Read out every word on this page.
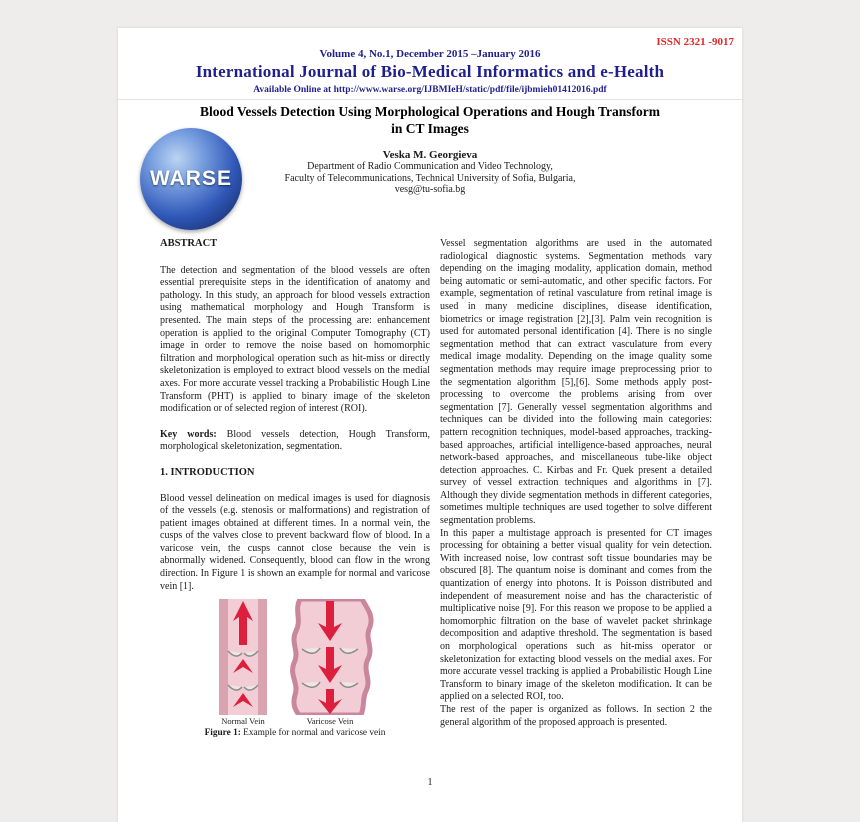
ISSN 2321 -9017
Volume 4, No.1, December 2015 –January 2016
International Journal of Bio-Medical Informatics and e-Health
Available Online at http://www.warse.org/IJBMIeH/static/pdf/file/ijbmieh01412016.pdf
Blood Vessels Detection Using Morphological Operations and Hough Transform
in CT Images
WARSE
Veska M. Georgieva
Department of Radio Communication and Video Technology,
Faculty of Telecommunications, Technical University of Sofia, Bulgaria,
vesg@tu-sofia.bg
ABSTRACT

The detection and segmentation of the blood vessels are often essential prerequisite steps in the identification of anatomy and pathology. In this study, an approach for blood vessels extraction using mathematical morphology and Hough Transform is presented. The main steps of the processing are: enhancement operation is applied to the original Computer Tomography (CT) image in order to remove the noise based on homomorphic filtration and morphological operation such as hit-miss or directly skeletonization is employed to extract blood vessels on the medial axes. For more accurate vessel tracking a Probabilistic Hough Line Transform (PHT) is applied to binary image of the skeleton modification or of selected region of interest (ROI).

Key words: Blood vessels detection, Hough Transform, morphological skeletonization, segmentation.

1. INTRODUCTION

Blood vessel delineation on medical images is used for diagnosis of the vessels (e.g. stenosis or malformations) and registration of patient images obtained at different times. In a normal vein, the cusps of the valves close to prevent backward flow of blood. In a varicose vein, the cusps cannot close because the vein is abnormally widened. Consequently, blood can flow in the wrong direction. In Figure 1 is shown an example for normal and varicose vein [1].

Normal Vein	Varicose Vein
Figure 1: Example for normal and varicose vein

Vessel segmentation algorithms are used in the automated radiological diagnostic systems. Segmentation methods vary depending on the imaging modality, application domain, method being automatic or semi-automatic, and other specific factors. For example, segmentation of retinal vasculature from retinal image is used in many medicine disciplines, disease identification, biometrics or image registration [2],[3]. Palm vein recognition is used for automated personal identification [4]. There is no single segmentation method that can extract vasculature from every medical image modality. Depending on the image quality some segmentation methods may require image preprocessing prior to the segmentation algorithm [5],[6]. Some methods apply post-processing to overcome the problems arising from over segmentation [7]. Generally vessel segmentation algorithms and techniques can be divided into the following main categories: pattern recognition techniques, model-based approaches, tracking-based approaches, artificial intelligence-based approaches, neural network-based approaches, and miscellaneous tube-like object detection approaches. C. Kirbas and Fr. Quek present a detailed survey of vessel extraction techniques and algorithms in [7]. Although they divide segmentation methods in different categories, sometimes multiple techniques are used together to solve different segmentation problems.

In this paper a multistage approach is presented for CT images processing for obtaining a better visual quality for vein detection. With increased noise, low contrast soft tissue boundaries may be obscured [8]. The quantum noise is dominant and comes from the quantization of energy into photons. It is Poisson distributed and independent of measurement noise and has the characteristic of multiplicative noise [9]. For this reason we propose to be applied a homomorphic filtration on the base of wavelet packet shrinkage decomposition and adaptive threshold. The segmentation is based on morphological operations such as hit-miss operator or skeletonization for extacting blood vessels on the medial axes. For more accurate vessel tracking is applied a Probabilistic Hough Line Transform to binary image of the skeleton modification. It can be applied on a selected ROI, too.

The rest of the paper is organized as follows. In section 2 the general algorithm of the proposed approach is presented.

1
